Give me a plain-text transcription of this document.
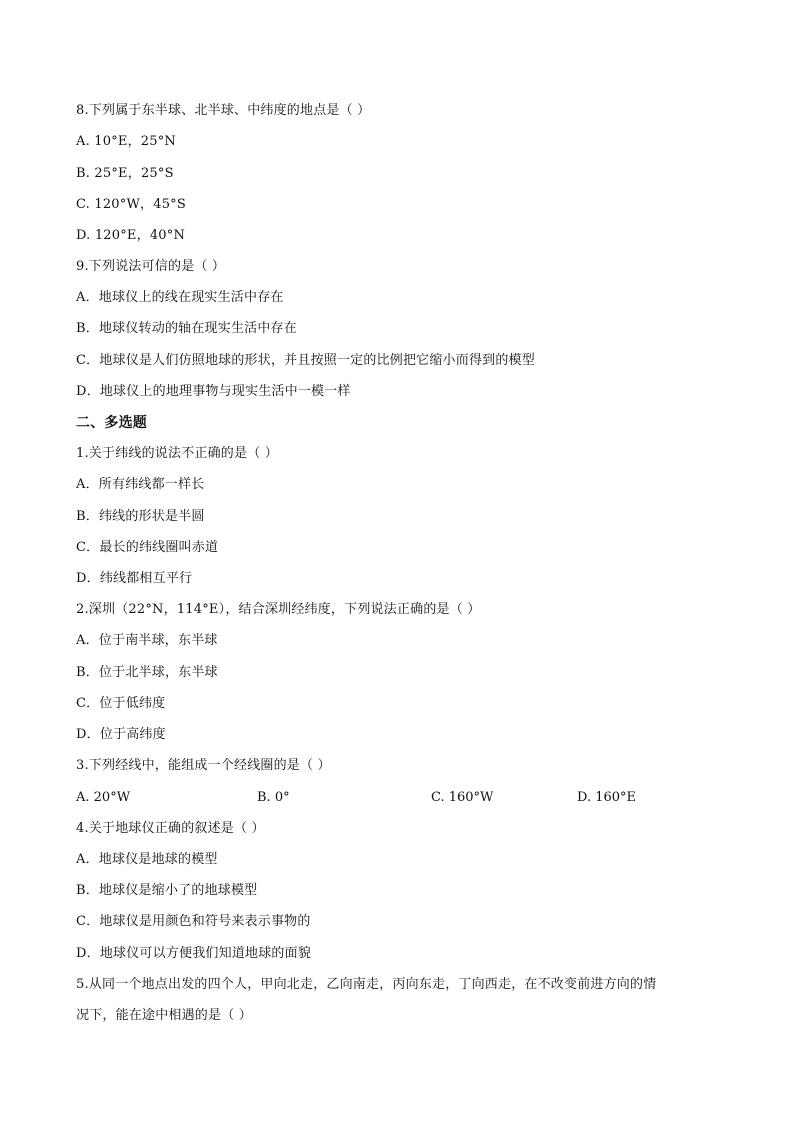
8.下列属于东半球、北半球、中纬度的地点是（ ）
A. 10°E，25°N
B. 25°E，25°S
C. 120°W，45°S
D. 120°E，40°N
9.下列说法可信的是（ ）
A．地球仪上的线在现实生活中存在
B．地球仪转动的轴在现实生活中存在
C．地球仪是人们仿照地球的形状，并且按照一定的比例把它缩小而得到的模型
D．地球仪上的地理事物与现实生活中一模一样
二、多选题
1.关于纬线的说法不正确的是（ ）
A．所有纬线都一样长
B．纬线的形状是半圆
C．最长的纬线圈叫赤道
D．纬线都相互平行
2.深圳（22°N，114°E），结合深圳经纬度，下列说法正确的是（ ）
A．位于南半球，东半球
B．位于北半球，东半球
C．位于低纬度
D．位于高纬度
3.下列经线中，能组成一个经线圈的是（ ）
A. 20°W	B. 0°	C. 160°W	D. 160°E
4.关于地球仪正确的叙述是（ ）
A．地球仪是地球的模型
B．地球仪是缩小了的地球模型
C．地球仪是用颜色和符号来表示事物的
D．地球仪可以方便我们知道地球的面貌
5.从同一个地点出发的四个人，甲向北走，乙向南走，丙向东走，丁向西走，在不改变前进方向的情
况下，能在途中相遇的是（ ）
